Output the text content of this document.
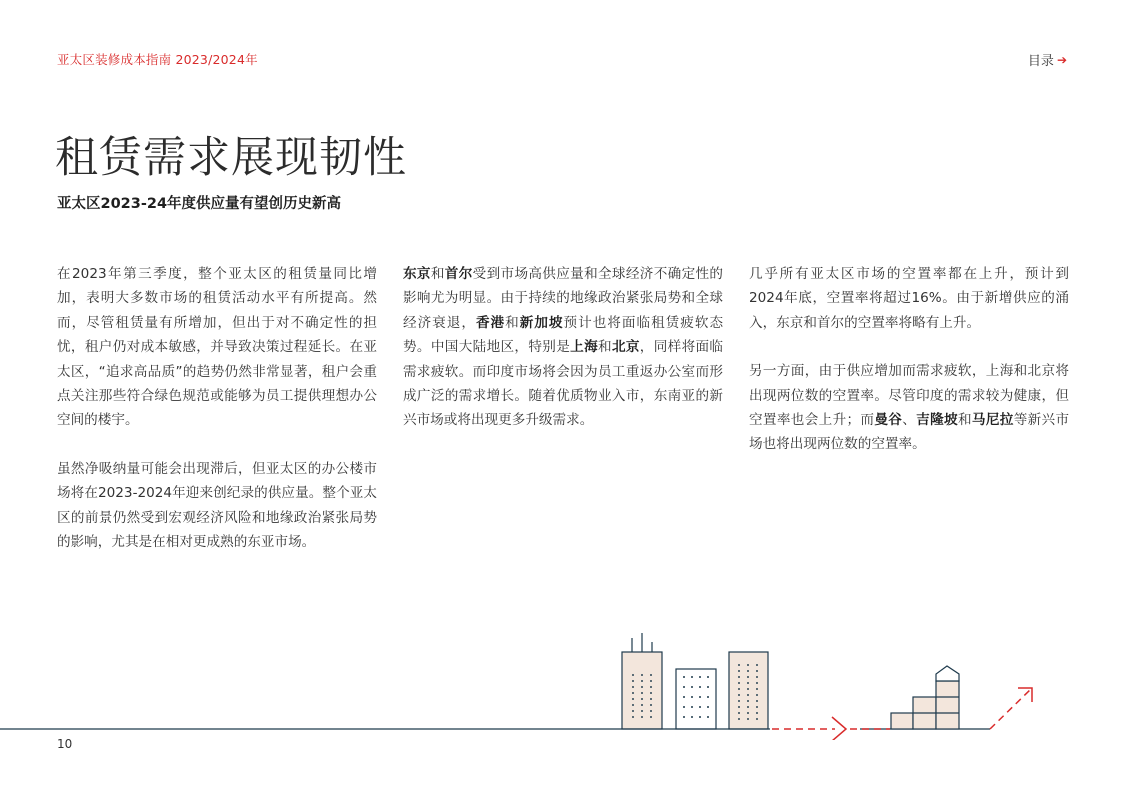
亚太区装修成本指南 2023/2024年	目录 ➔
租赁需求展现韧性
亚太区2023-24年度供应量有望创历史新高

在2023年第三季度，整个亚太区的租赁量同比增加，表明大多数市场的租赁活动水平有所提高。然而，尽管租赁量有所增加，但出于对不确定性的担忧，租户仍对成本敏感，并导致决策过程延长。在亚太区，“追求高品质”的趋势仍然非常显著，租户会重点关注那些符合绿色规范或能够为员工提供理想办公空间的楼宇。

虽然净吸纳量可能会出现滞后，但亚太区的办公楼市场将在2023-2024年迎来创纪录的供应量。整个亚太区的前景仍然受到宏观经济风险和地缘政治紧张局势的影响，尤其是在相对更成熟的东亚市场。

东京和首尔受到市场高供应量和全球经济不确定性的影响尤为明显。由于持续的地缘政治紧张局势和全球经济衰退，香港和新加坡预计也将面临租赁疲软态势。中国大陆地区，特别是上海和北京，同样将面临需求疲软。而印度市场将会因为员工重返办公室而形成广泛的需求增长。随着优质物业入市，东南亚的新兴市场或将出现更多升级需求。

几乎所有亚太区市场的空置率都在上升，预计到2024年底，空置率将超过16%。由于新增供应的涌入，东京和首尔的空置率将略有上升。

另一方面，由于供应增加而需求疲软，上海和北京将出现两位数的空置率。尽管印度的需求较为健康，但空置率也会上升；而曼谷、吉隆坡和马尼拉等新兴市场也将出现两位数的空置率。

10
